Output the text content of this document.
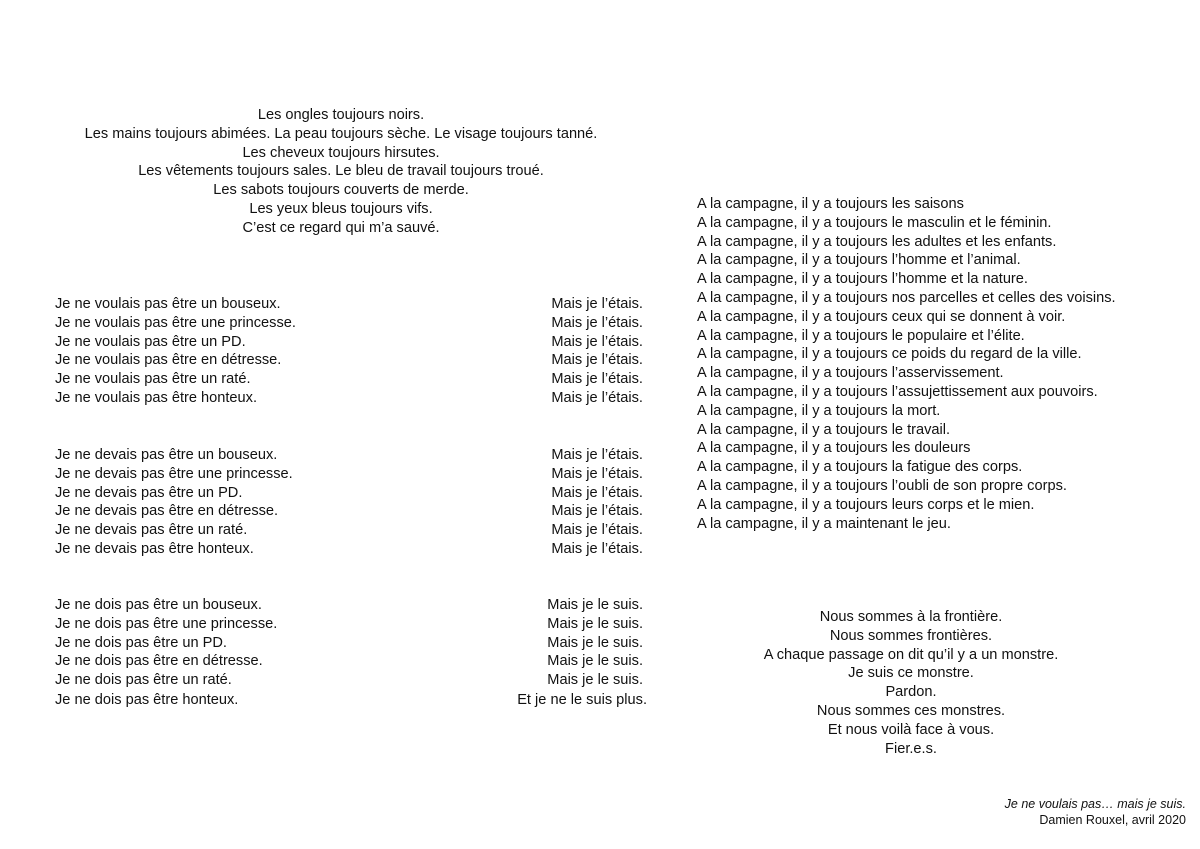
Les ongles toujours noirs.
Les mains toujours abimées. La peau toujours sèche. Le visage toujours tanné.
Les cheveux toujours hirsutes.
Les vêtements toujours sales. Le bleu de travail toujours troué.
Les sabots toujours couverts de merde.
Les yeux bleus toujours vifs.
C’est ce regard qui m’a sauvé.
Je ne voulais pas être un bouseux.	Mais je l’étais.
Je ne voulais pas être une princesse.	Mais je l’étais.
Je ne voulais pas être un PD.	Mais je l’étais.
Je ne voulais pas être en détresse.	Mais je l’étais.
Je ne voulais pas être un raté.	Mais je l’étais.
Je ne voulais pas être honteux.	Mais je l’étais.
Je ne devais pas être un bouseux.	Mais je l’étais.
Je ne devais pas être une princesse.	Mais je l’étais.
Je ne devais pas être un PD.	Mais je l’étais.
Je ne devais pas être en détresse.	Mais je l’étais.
Je ne devais pas être un raté.	Mais je l’étais.
Je ne devais pas être honteux.	Mais je l’étais.
Je ne dois pas être un bouseux.	Mais je le suis.
Je ne dois pas être une princesse.	Mais je le suis.
Je ne dois pas être un PD.	Mais je le suis.
Je ne dois pas être en détresse.	Mais je le suis.
Je ne dois pas être un raté.	Mais je le suis.
Je ne dois pas être honteux.	Et je ne le suis plus.
A la campagne, il y a toujours les saisons
A la campagne, il y a toujours le masculin et le féminin.
A la campagne, il y a toujours les adultes et les enfants.
A la campagne, il y a toujours l’homme et l’animal.
A la campagne, il y a toujours l’homme et la nature.
A la campagne, il y a toujours nos parcelles et celles des voisins.
A la campagne, il y a toujours ceux qui se donnent à voir.
A la campagne, il y a toujours le populaire et l’élite.
A la campagne, il y a toujours ce poids du regard de la ville.
A la campagne, il y a toujours l’asservissement.
A la campagne, il y a toujours l’assujettissement aux pouvoirs.
A la campagne, il y a toujours la mort.
A la campagne, il y a toujours le travail.
A la campagne, il y a toujours les douleurs
A la campagne, il y a toujours la fatigue des corps.
A la campagne, il y a toujours l’oubli de son propre corps.
A la campagne, il y a toujours leurs corps et le mien.
A la campagne, il y a maintenant le jeu.
Nous sommes à la frontière.
Nous sommes frontières.
A chaque passage on dit qu’il y a un monstre.
Je suis ce monstre.
Pardon.
Nous sommes ces monstres.
Et nous voilà face à vous.
Fier.e.s.
Je ne voulais pas… mais je suis.
Damien Rouxel, avril 2020
